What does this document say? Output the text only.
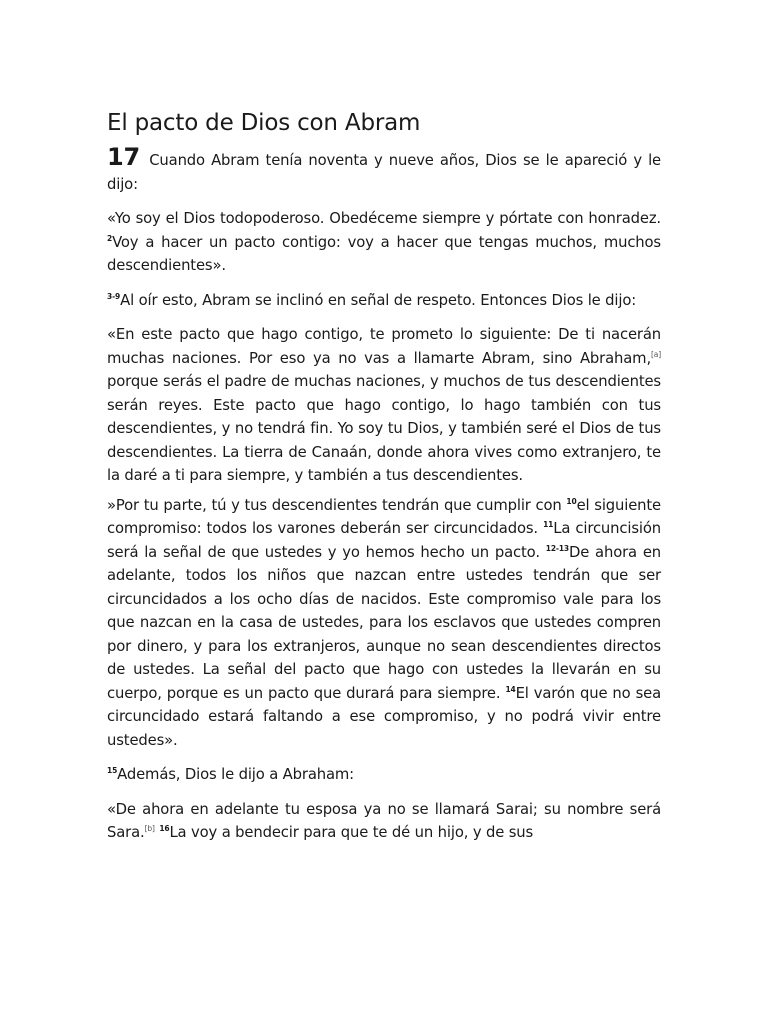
El pacto de Dios con Abram

17 Cuando Abram tenía noventa y nueve años, Dios se le apareció y le dijo:

«Yo soy el Dios todopoderoso. Obedéceme siempre y pórtate con honradez. $^2$Voy a hacer un pacto contigo: voy a hacer que tengas muchos, muchos descendientes».

$^{3-9}$Al oír esto, Abram se inclinó en señal de respeto. Entonces Dios le dijo:

«En este pacto que hago contigo, te prometo lo siguiente: De ti nacerán muchas naciones. Por eso ya no vas a llamarte Abram, sino Abraham,[a] porque serás el padre de muchas naciones, y muchos de tus descendientes serán reyes. Este pacto que hago contigo, lo hago también con tus descendientes, y no tendrá fin. Yo soy tu Dios, y también seré el Dios de tus descendientes. La tierra de Canaán, donde ahora vives como extranjero, te la daré a ti para siempre, y también a tus descendientes.

»Por tu parte, tú y tus descendientes tendrán que cumplir con $^{10}$el siguiente compromiso: todos los varones deberán ser circuncidados. $^{11}$La circuncisión será la señal de que ustedes y yo hemos hecho un pacto. $^{12-13}$De ahora en adelante, todos los niños que nazcan entre ustedes tendrán que ser circuncidados a los ocho días de nacidos. Este compromiso vale para los que nazcan en la casa de ustedes, para los esclavos que ustedes compren por dinero, y para los extranjeros, aunque no sean descendientes directos de ustedes. La señal del pacto que hago con ustedes la llevarán en su cuerpo, porque es un pacto que durará para siempre. $^{14}$El varón que no sea circuncidado estará faltando a ese compromiso, y no podrá vivir entre ustedes».

$^{15}$Además, Dios le dijo a Abraham:

«De ahora en adelante tu esposa ya no se llamará Sarai; su nombre será Sara.[b] $^{16}$La voy a bendecir para que te dé un hijo, y de sus
